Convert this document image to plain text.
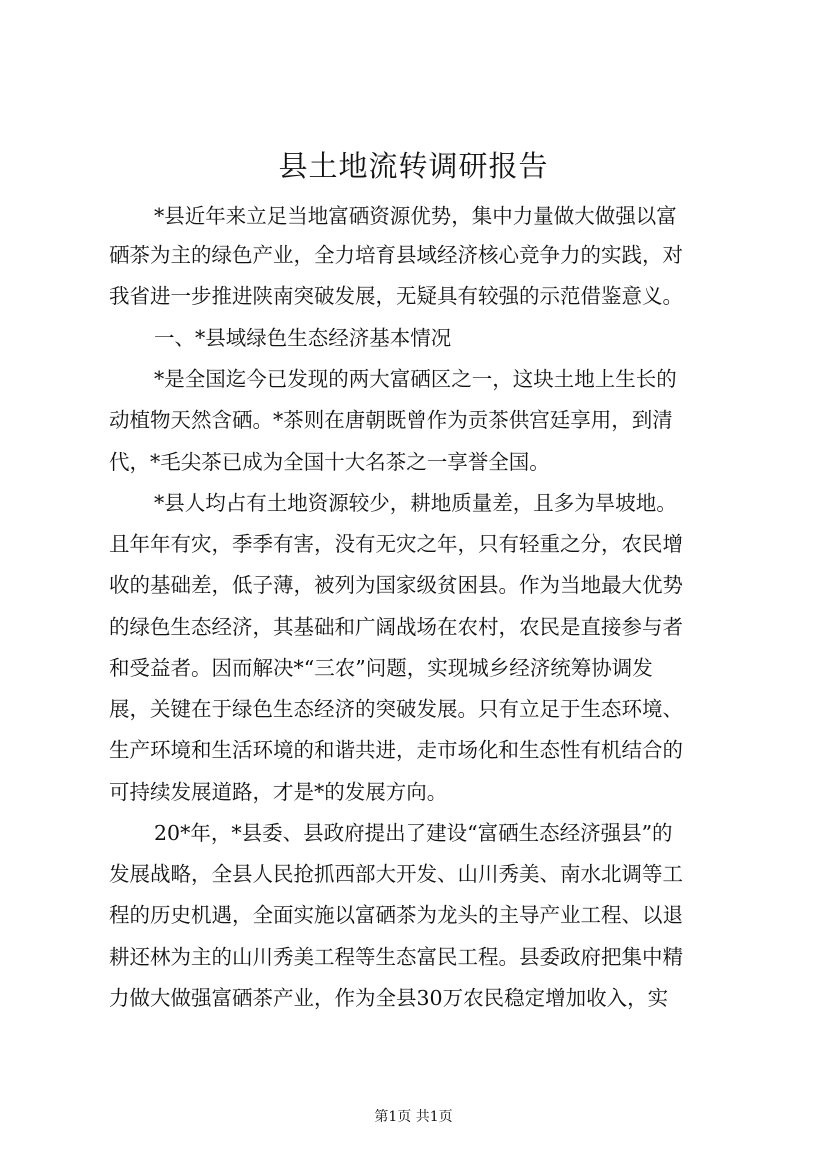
县土地流转调研报告
*县近年来立足当地富硒资源优势，集中力量做大做强以富
硒茶为主的绿色产业，全力培育县域经济核心竞争力的实践，对
我省进一步推进陕南突破发展，无疑具有较强的示范借鉴意义。
一、*县域绿色生态经济基本情况
*是全国迄今已发现的两大富硒区之一，这块土地上生长的
动植物天然含硒。*茶则在唐朝既曾作为贡茶供宫廷享用，到清
代，*毛尖茶已成为全国十大名茶之一享誉全国。
*县人均占有土地资源较少，耕地质量差，且多为旱坡地。
且年年有灾，季季有害，没有无灾之年，只有轻重之分，农民增
收的基础差，低子薄，被列为国家级贫困县。作为当地最大优势
的绿色生态经济，其基础和广阔战场在农村，农民是直接参与者
和受益者。因而解决*“三农”问题，实现城乡经济统筹协调发
展，关键在于绿色生态经济的突破发展。只有立足于生态环境、
生产环境和生活环境的和谐共进，走市场化和生态性有机结合的
可持续发展道路，才是*的发展方向。
20*年，*县委、县政府提出了建设“富硒生态经济强县”的
发展战略，全县人民抢抓西部大开发、山川秀美、南水北调等工
程的历史机遇，全面实施以富硒茶为龙头的主导产业工程、以退
耕还林为主的山川秀美工程等生态富民工程。县委政府把集中精
力做大做强富硒茶产业，作为全县30万农民稳定增加收入，实
第1页 共1页
